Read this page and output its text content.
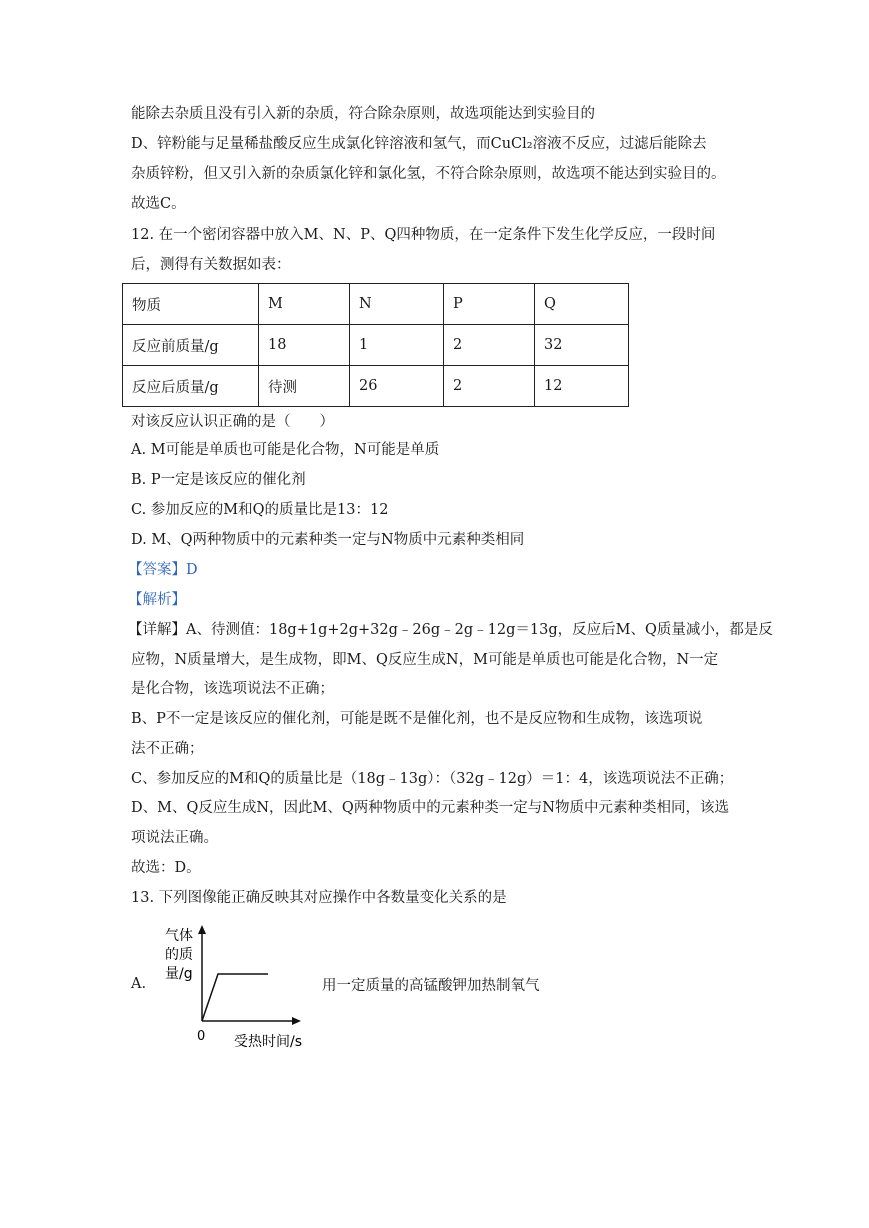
能除去杂质且没有引入新的杂质，符合除杂原则，故选项能达到实验目的
D、锌粉能与足量稀盐酸反应生成氯化锌溶液和氢气，而CuCl₂溶液不反应，过滤后能除去
杂质锌粉，但又引入新的杂质氯化锌和氯化氢，不符合除杂原则，故选项不能达到实验目的。
故选C。
12. 在一个密闭容器中放入M、N、P、Q四种物质，在一定条件下发生化学反应，一段时间
后，测得有关数据如表：
物质	M	N	P	Q
反应前质量/g	18	1	2	32
反应后质量/g	待测	26	2	12
对该反应认识正确的是（　　）
A. M可能是单质也可能是化合物，N可能是单质
B. P一定是该反应的催化剂
C. 参加反应的M和Q的质量比是13：12
D. M、Q两种物质中的元素种类一定与N物质中元素种类相同
【答案】D
【解析】
【详解】A、待测值：18g+1g+2g+32g﹣26g﹣2g﹣12g＝13g，反应后M、Q质量减小，都是反
应物，N质量增大，是生成物，即M、Q反应生成N，M可能是单质也可能是化合物，N一定
是化合物，该选项说法不正确；
B、P不一定是该反应的催化剂，可能是既不是催化剂，也不是反应物和生成物，该选项说
法不正确；
C、参加反应的M和Q的质量比是（18g﹣13g）：（32g﹣12g）＝1：4，该选项说法不正确；
D、M、Q反应生成N，因此M、Q两种物质中的元素种类一定与N物质中元素种类相同，该选
项说法正确。
故选：D。
13. 下列图像能正确反映其对应操作中各数量变化关系的是
A.
气体
的质
量/g
0 受热时间/s
用一定质量的高锰酸钾加热制氧气
